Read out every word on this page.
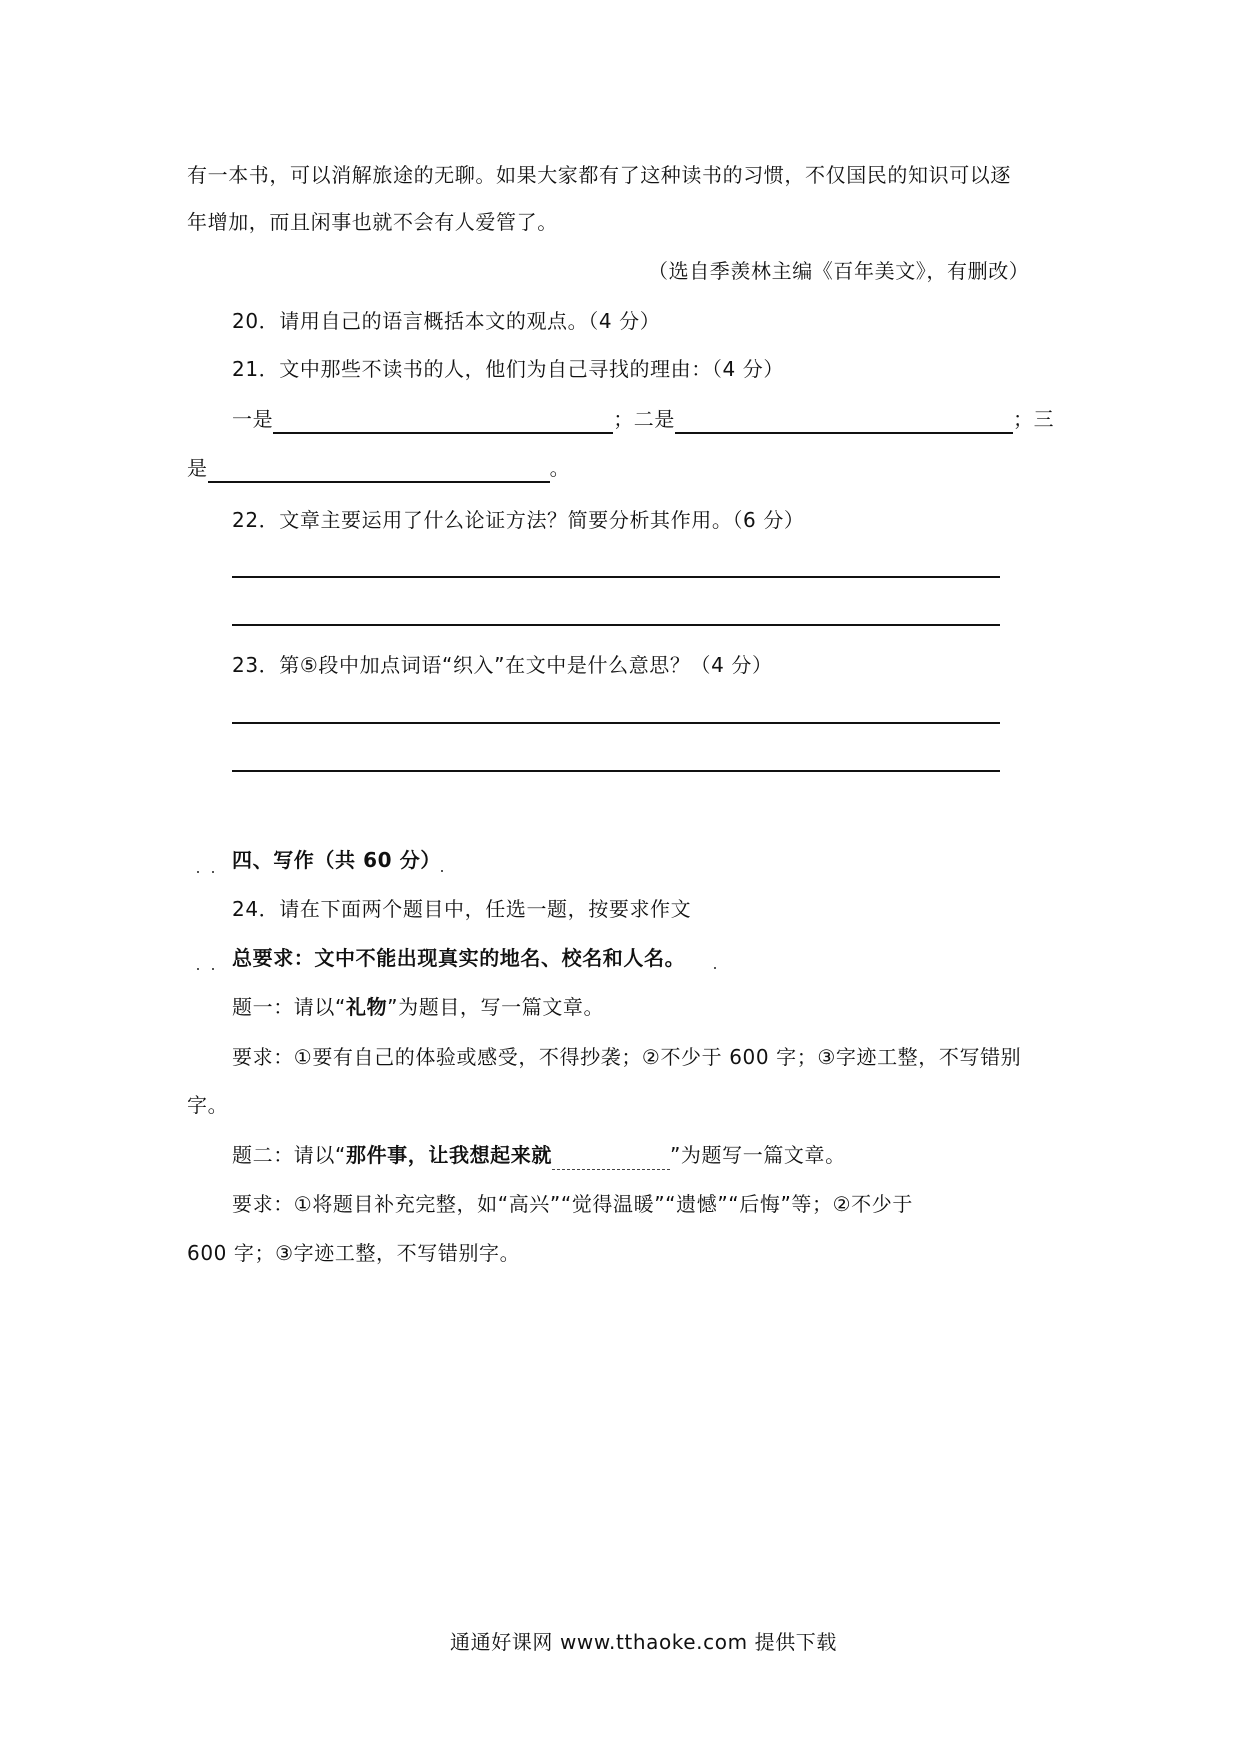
有一本书，可以消解旅途的无聊。如果大家都有了这种读书的习惯，不仅国民的知识可以逐
年增加，而且闲事也就不会有人爱管了。
（选自季羡林主编《百年美文》，有删改）
20．请用自己的语言概括本文的观点。（4 分）
21．文中那些不读书的人，他们为自己寻找的理由：（4 分）
一是	；二是	；三
是	。
22．文章主要运用了什么论证方法？简要分析其作用。（6 分）
23．第⑤段中加点词语“织入”在文中是什么意思？（4 分）
四、写作（共 60 分）
24．请在下面两个题目中，任选一题，按要求作文
总要求：文中不能出现真实的地名、校名和人名。
题一：请以“礼物”为题目，写一篇文章。
要求：①要有自己的体验或感受，不得抄袭；②不少于 600 字；③字迹工整，不写错别
字。
题二：请以“那件事，让我想起来就	”为题写一篇文章。
要求：①将题目补充完整，如“高兴”“觉得温暖”“遗憾”“后悔”等；②不少于
600 字；③字迹工整，不写错别字。
通通好课网 www.tthaoke.com 提供下载
